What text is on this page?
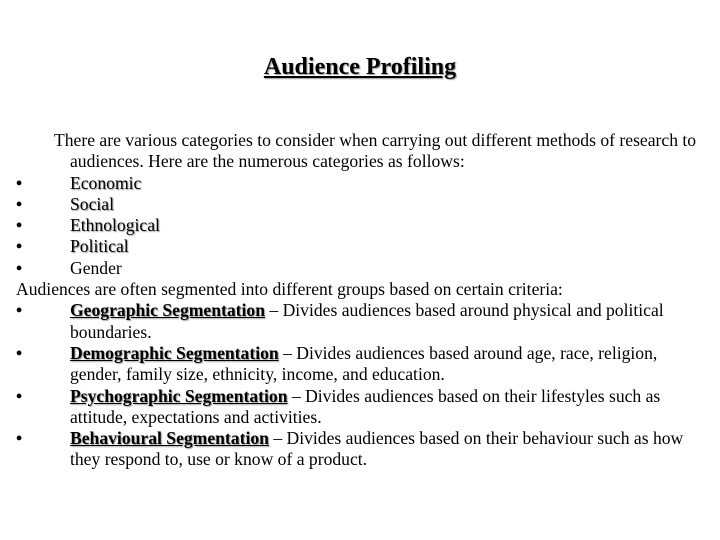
Audience Profiling

There are various categories to consider when carrying out different methods of research to audiences. Here are the numerous categories as follows:

•	Economic
•	Social
•	Ethnological
•	Political
•	Gender

Audiences are often segmented into different groups based on certain criteria:

•	Geographic Segmentation – Divides audiences based around physical and political boundaries.
•	Demographic Segmentation – Divides audiences based around age, race, religion, gender, family size, ethnicity, income, and education.
•	Psychographic Segmentation – Divides audiences based on their lifestyles such as attitude, expectations and activities.
•	Behavioural Segmentation – Divides audiences based on their behaviour such as how they respond to, use or know of a product.
